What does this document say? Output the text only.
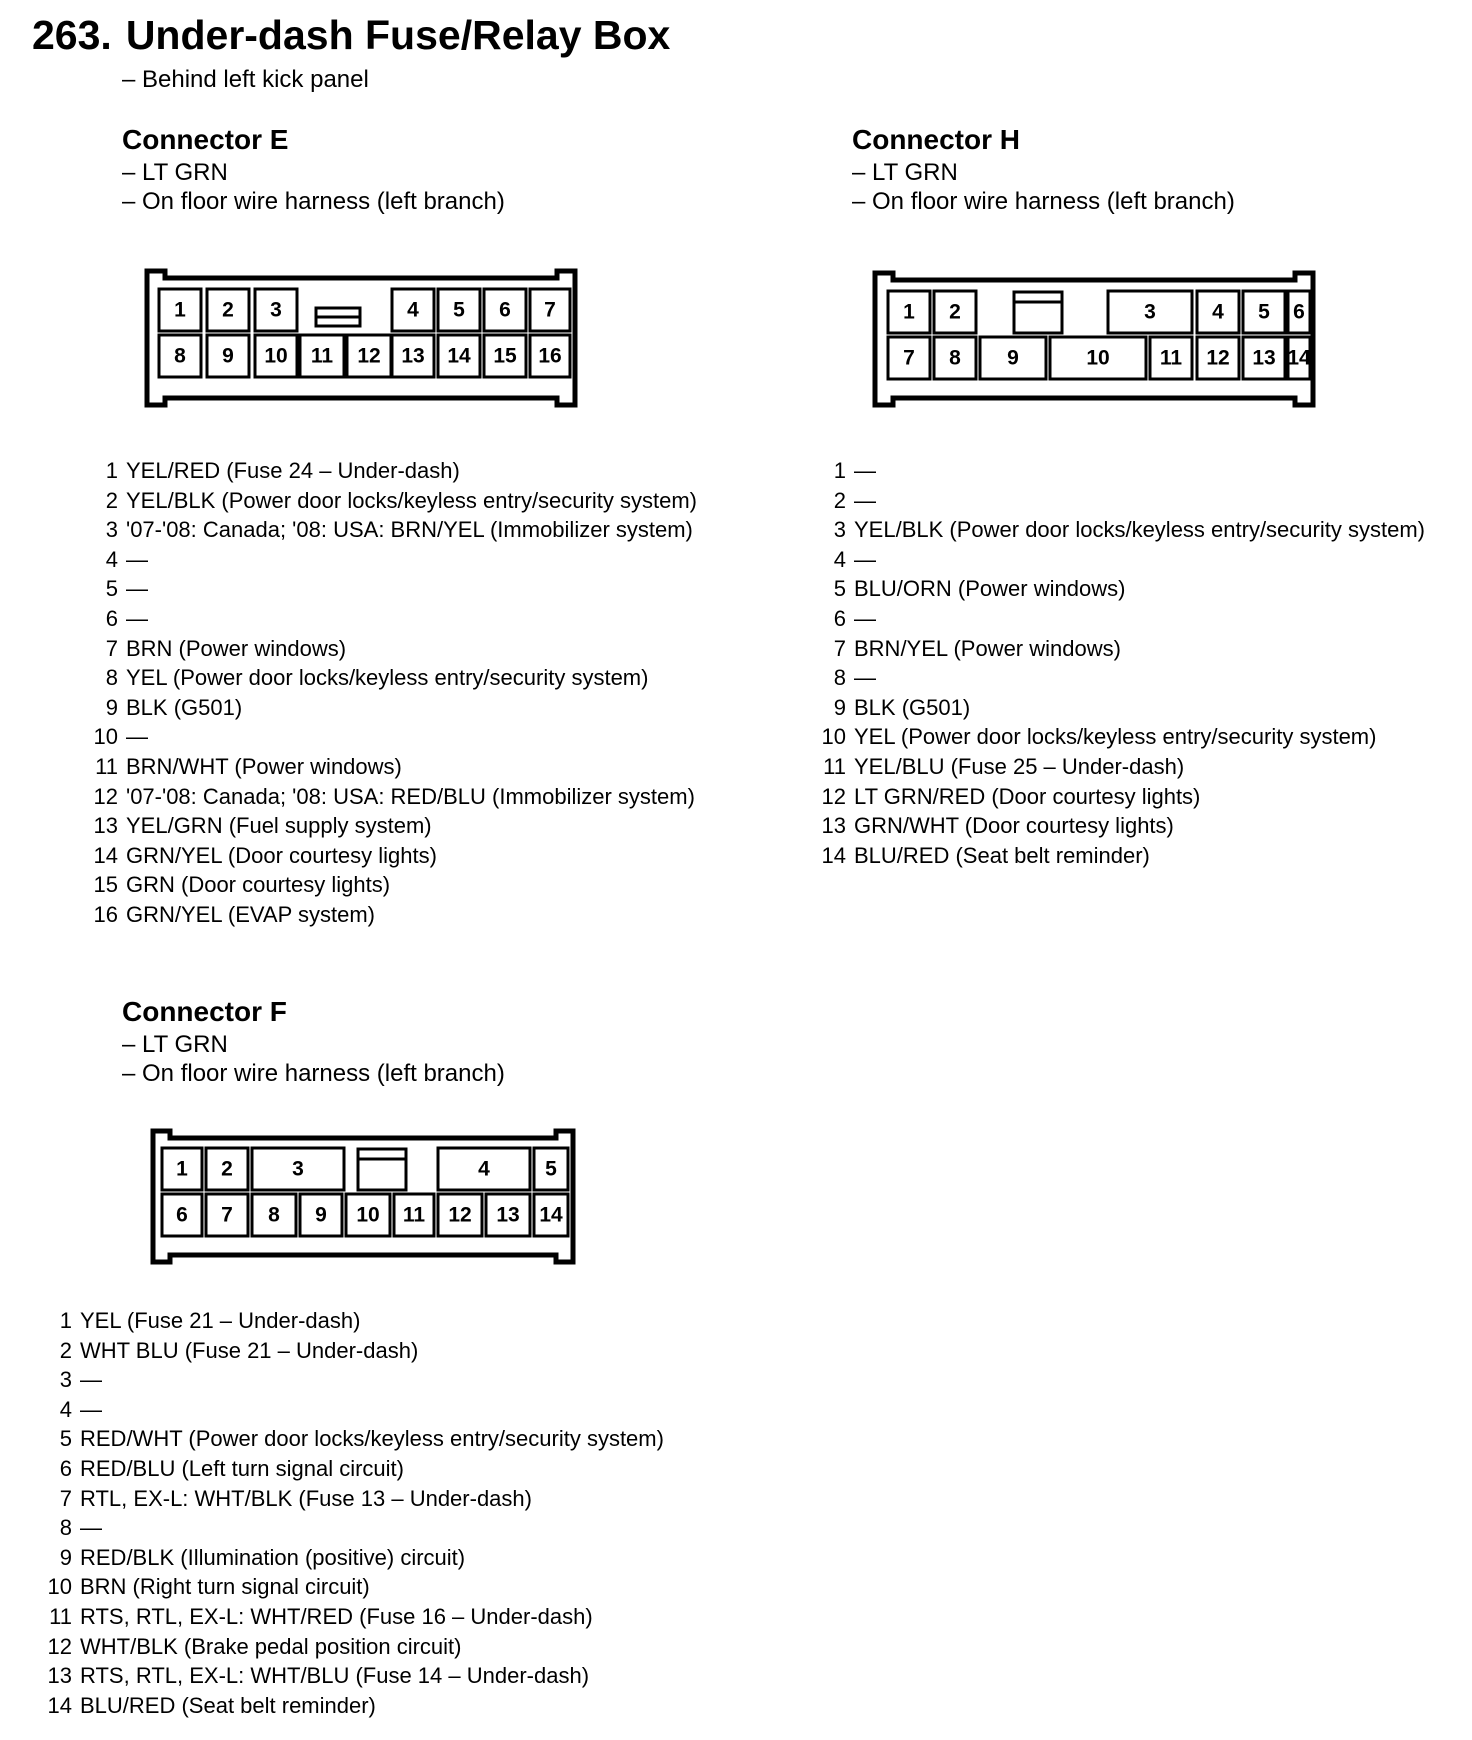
263. Under-dash Fuse/Relay Box
– Behind left kick panel
Connector E
– LT GRN
– On floor wire harness (left branch)
1 2 3	4 5 6 7
8 9 10 11 12 13 14 15 16
1 YEL/RED (Fuse 24 – Under-dash)
2 YEL/BLK (Power door locks/keyless entry/security system)
3 '07-'08: Canada; '08: USA: BRN/YEL (Immobilizer system)
4 —
5 —
6 —
7 BRN (Power windows)
8 YEL (Power door locks/keyless entry/security system)
9 BLK (G501)
10 —
11 BRN/WHT (Power windows)
12 '07-'08: Canada; '08: USA: RED/BLU (Immobilizer system)
13 YEL/GRN (Fuel supply system)
14 GRN/YEL (Door courtesy lights)
15 GRN (Door courtesy lights)
16 GRN/YEL (EVAP system)
Connector H
– LT GRN
– On floor wire harness (left branch)
1 2	3	4 5 6
7 8 9	10 11 12 13 14
1 —
2 —
3 YEL/BLK (Power door locks/keyless entry/security system)
4 —
5 BLU/ORN (Power windows)
6 —
7 BRN/YEL (Power windows)
8 —
9 BLK (G501)
10 YEL (Power door locks/keyless entry/security system)
11 YEL/BLU (Fuse 25 – Under-dash)
12 LT GRN/RED (Door courtesy lights)
13 GRN/WHT (Door courtesy lights)
14 BLU/RED (Seat belt reminder)
Connector F
– LT GRN
– On floor wire harness (left branch)
1 2	3	4	5
6 7 8 9 10 11 12 13 14
1 YEL (Fuse 21 – Under-dash)
2 WHT BLU (Fuse 21 – Under-dash)
3 —
4 —
5 RED/WHT (Power door locks/keyless entry/security system)
6 RED/BLU (Left turn signal circuit)
7 RTL, EX-L: WHT/BLK (Fuse 13 – Under-dash)
8 —
9 RED/BLK (Illumination (positive) circuit)
10 BRN (Right turn signal circuit)
11 RTS, RTL, EX-L: WHT/RED (Fuse 16 – Under-dash)
12 WHT/BLK (Brake pedal position circuit)
13 RTS, RTL, EX-L: WHT/BLU (Fuse 14 – Under-dash)
14 BLU/RED (Seat belt reminder)
